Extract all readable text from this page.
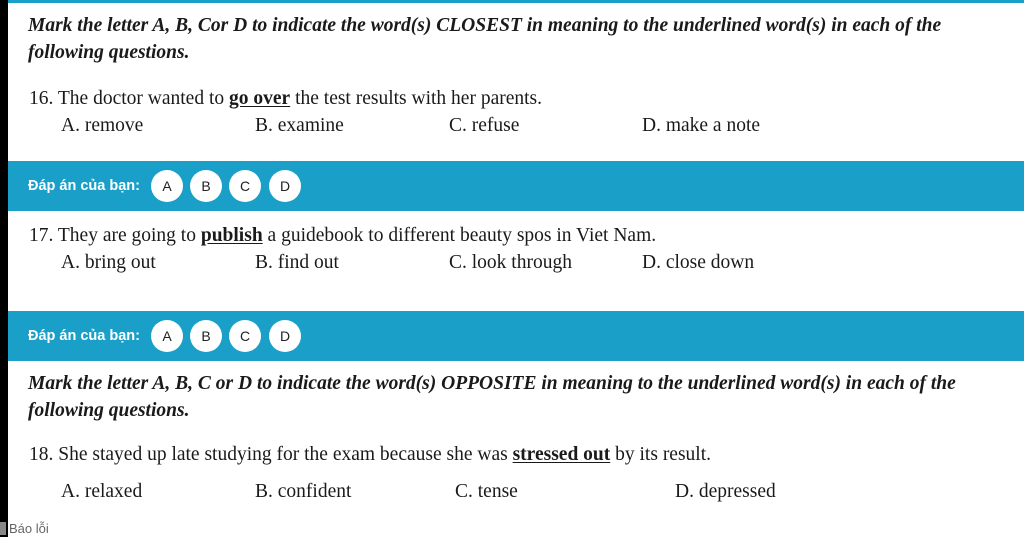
Mark the letter A, B, Cor D to indicate the word(s) CLOSEST in meaning to the underlined word(s) in each of the following questions.

16. The doctor wanted to go over the test results with her parents.
A. remove	B. examine	C. refuse	D. make a note
Đáp án của bạn:	A	B	C	D
17. They are going to publish a guidebook to different beauty spos in Viet Nam.
A. bring out	B. find out	C. look through	D. close down
Đáp án của bạn:	A	B	C	D

Mark the letter A, B, C or D to indicate the word(s) OPPOSITE in meaning to the underlined word(s) in each of the following questions.

18. She stayed up late studying for the exam because she was stressed out by its result.
A. relaxed	B. confident	C. tense	D. depressed
Báo lỗi
